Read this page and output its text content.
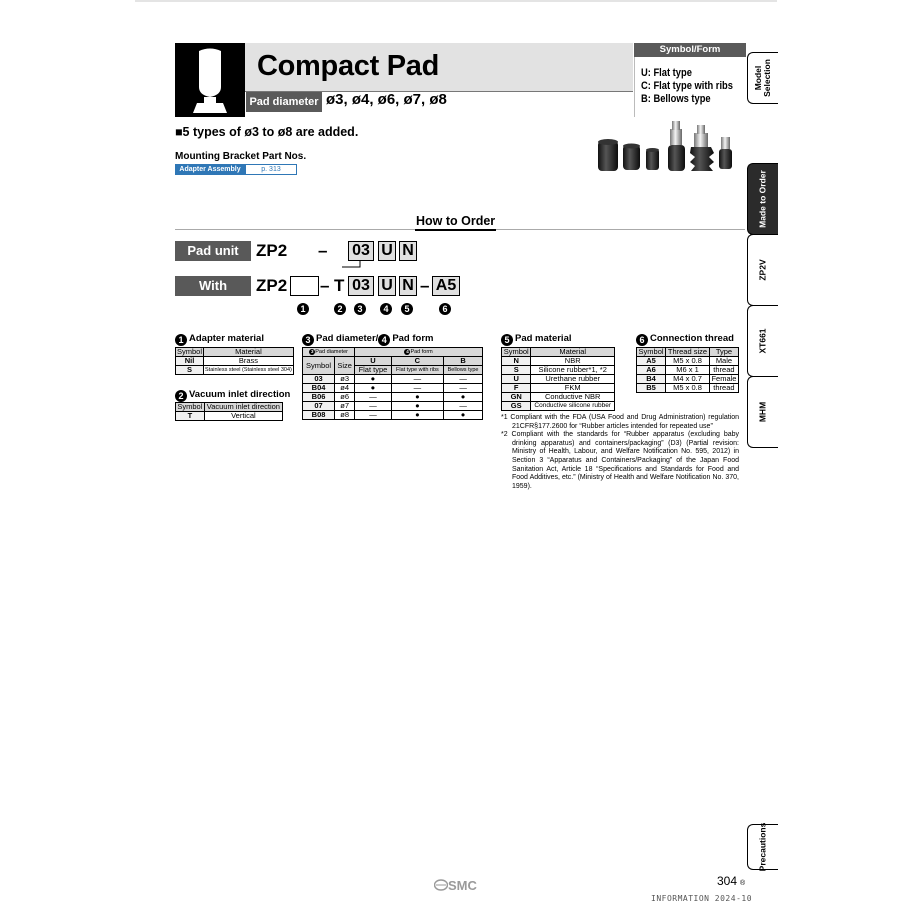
Compact Pad
Pad diameter ø3, ø4, ø6, ø7, ø8
Symbol/Form
U: Flat type
C: Flat type with ribs
B: Bellows type
Model Selection
Made to Order
ZP2V
XT661
MHM
Precautions
■5 types of ø3 to ø8 are added.
Mounting Bracket Part Nos.
Adapter Assembly	p. 313
How to Order
Pad unit	ZP2 – 03 U N
With adapter
ZP2 – T 03 U N – A5
1	2	3	4	5	6
1 Adapter material
Symbol	Material
Nil	Brass
S	Stainless steel (Stainless steel 304)
2 Vacuum inlet direction
Symbol	Vacuum inlet direction
T	Vertical
3 Pad diameter/ 4 Pad form
3 Pad diameter		4 Pad form		
Symbol	Size	U	C	B
		Flat type	Flat type with ribs	Bellows type
03	ø3	●	—	—
B04	ø4	●	—	—
B06	ø6	—	●	●
07	ø7	—	●	—
B08	ø8	—	●	●
5 Pad material
Symbol	Material
N	NBR
S	Silicone rubber*1, *2
U	Urethane rubber
F	FKM
GN	Conductive NBR
GS	Conductive silicone rubber

*1 Compliant with the FDA (USA Food and Drug Administration) regulation 21CFR§177.2600 for “Rubber articles intended for repeated use”

*2 Compliant with the standards for “Rubber apparatus (excluding baby drinking apparatus) and containers/packaging” (D3) (Partial revision: Ministry of Health, Labour, and Welfare Notification No. 595, 2012) in Section 3 “Apparatus and Containers/Packaging” of the Japan Food Sanitation Act, Article 18 “Specifications and Standards for Food and Food Additives, etc.” (Ministry of Health and Welfare Notification No. 370, 1959).

6 Connection thread
Symbol	Thread size	Type
A5	M5 x 0.8	Male
A6	M6 x 1	thread
B4	M4 x 0.7	Female
B5	M5 x 0.8	thread
SMC	304 ®
INFORMATION 2024-10
